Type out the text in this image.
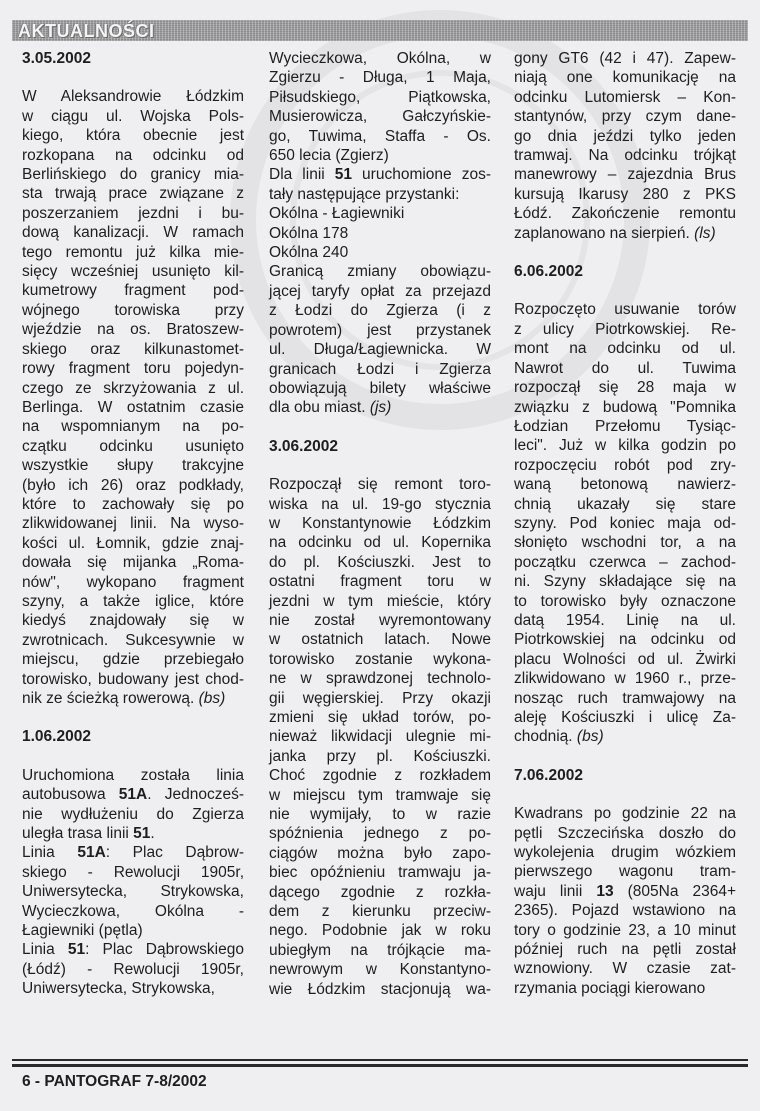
AKTUALNOŚCI
3.05.2002
W Aleksandrowie Łódzkim
w ciągu ul. Wojska Pols-
kiego, która obecnie jest
rozkopana na odcinku od
Berlińskiego do granicy mia-
sta trwają prace związane z
poszerzaniem jezdni i bu-
dową kanalizacji. W ramach
tego remontu już kilka mie-
sięcy wcześniej usunięto kil-
kumetrowy fragment pod-
wójnego torowiska przy
wjeździe na os. Bratoszew-
skiego oraz kilkunastomet-
rowy fragment toru pojedyn-
czego ze skrzyżowania z ul.
Berlinga. W ostatnim czasie
na wspomnianym na po-
czątku odcinku usunięto
wszystkie słupy trakcyjne
(było ich 26) oraz podkłady,
które to zachowały się po
zlikwidowanej linii. Na wyso-
kości ul. Łomnik, gdzie znaj-
dowała się mijanka „Roma-
nów", wykopano fragment
szyny, a także iglice, które
kiedyś znajdowały się w
zwrotnicach. Sukcesywnie w
miejscu, gdzie przebiegało
torowisko, budowany jest chod-
nik ze ścieżką rowerową. (bs)
1.06.2002
Uruchomiona została linia
autobusowa 51A. Jednocześ-
nie wydłużeniu do Zgierza
uległa trasa linii 51.
Linia 51A: Plac Dąbrow-
skiego - Rewolucji 1905r,
Uniwersytecka, Strykowska,
Wycieczkowa, Okólna -
Łagiewniki (pętla)
Linia 51: Plac Dąbrowskiego
(Łódź) - Rewolucji 1905r,
Uniwersytecka, Strykowska,
Wycieczkowa, Okólna, w
Zgierzu - Długa, 1 Maja,
Piłsudskiego, Piątkowska,
Musierowicza, Gałczyńskie-
go, Tuwima, Staffa - Os.
650 lecia (Zgierz)
Dla linii 51 uruchomione zos-
tały następujące przystanki:
Okólna - Łagiewniki
Okólna 178
Okólna 240
Granicą zmiany obowiązu-
jącej taryfy opłat za przejazd
z Łodzi do Zgierza (i z
powrotem) jest przystanek
ul. Długa/Łagiewnicka. W
granicach Łodzi i Zgierza
obowiązują bilety właściwe
dla obu miast. (js)
3.06.2002
Rozpoczął się remont toro-
wiska na ul. 19-go stycznia
w Konstantynowie Łódzkim
na odcinku od ul. Kopernika
do pl. Kościuszki. Jest to
ostatni fragment toru w
jezdni w tym mieście, który
nie został wyremontowany
w ostatnich latach. Nowe
torowisko zostanie wykona-
ne w sprawdzonej technolo-
gii węgierskiej. Przy okazji
zmieni się układ torów, po-
nieważ likwidacji ulegnie mi-
janka przy pl. Kościuszki.
Choć zgodnie z rozkładem
w miejscu tym tramwaje się
nie wymijały, to w razie
spóźnienia jednego z po-
ciągów można było zapo-
biec opóźnieniu tramwaju ja-
dącego zgodnie z rozkła-
dem z kierunku przeciw-
nego. Podobnie jak w roku
ubiegłym na trójkącie ma-
newrowym w Konstantyno-
wie Łódzkim stacjonują wa-
gony GT6 (42 i 47). Zapew-
niają one komunikację na
odcinku Lutomiersk – Kon-
stantynów, przy czym dane-
go dnia jeździ tylko jeden
tramwaj. Na odcinku trójkąt
manewrowy – zajezdnia Brus
kursują Ikarusy 280 z PKS
Łódź. Zakończenie remontu
zaplanowano na sierpień. (ls)
6.06.2002
Rozpoczęto usuwanie torów
z ulicy Piotrkowskiej. Re-
mont na odcinku od ul.
Nawrot do ul. Tuwima
rozpoczął się 28 maja w
związku z budową "Pomnika
Łodzian Przełomu Tysiąc-
leci". Już w kilka godzin po
rozpoczęciu robót pod zry-
waną betonową nawierz-
chnią ukazały się stare
szyny. Pod koniec maja od-
słonięto wschodni tor, a na
początku czerwca – zachod-
ni. Szyny składające się na
to torowisko były oznaczone
datą 1954. Linię na ul.
Piotrkowskiej na odcinku od
placu Wolności od ul. Żwirki
zlikwidowano w 1960 r., prze-
nosząc ruch tramwajowy na
aleję Kościuszki i ulicę Za-
chodnią. (bs)
7.06.2002
Kwadrans po godzinie 22 na
pętli Szczecińska doszło do
wykolejenia drugim wózkiem
pierwszego wagonu tram-
waju linii 13 (805Na 2364+
2365). Pojazd wstawiono na
tory o godzinie 23, a 10 minut
później ruch na pętli został
wznowiony. W czasie zat-
rzymania pociągi kierowano
6 - PANTOGRAF 7-8/2002
